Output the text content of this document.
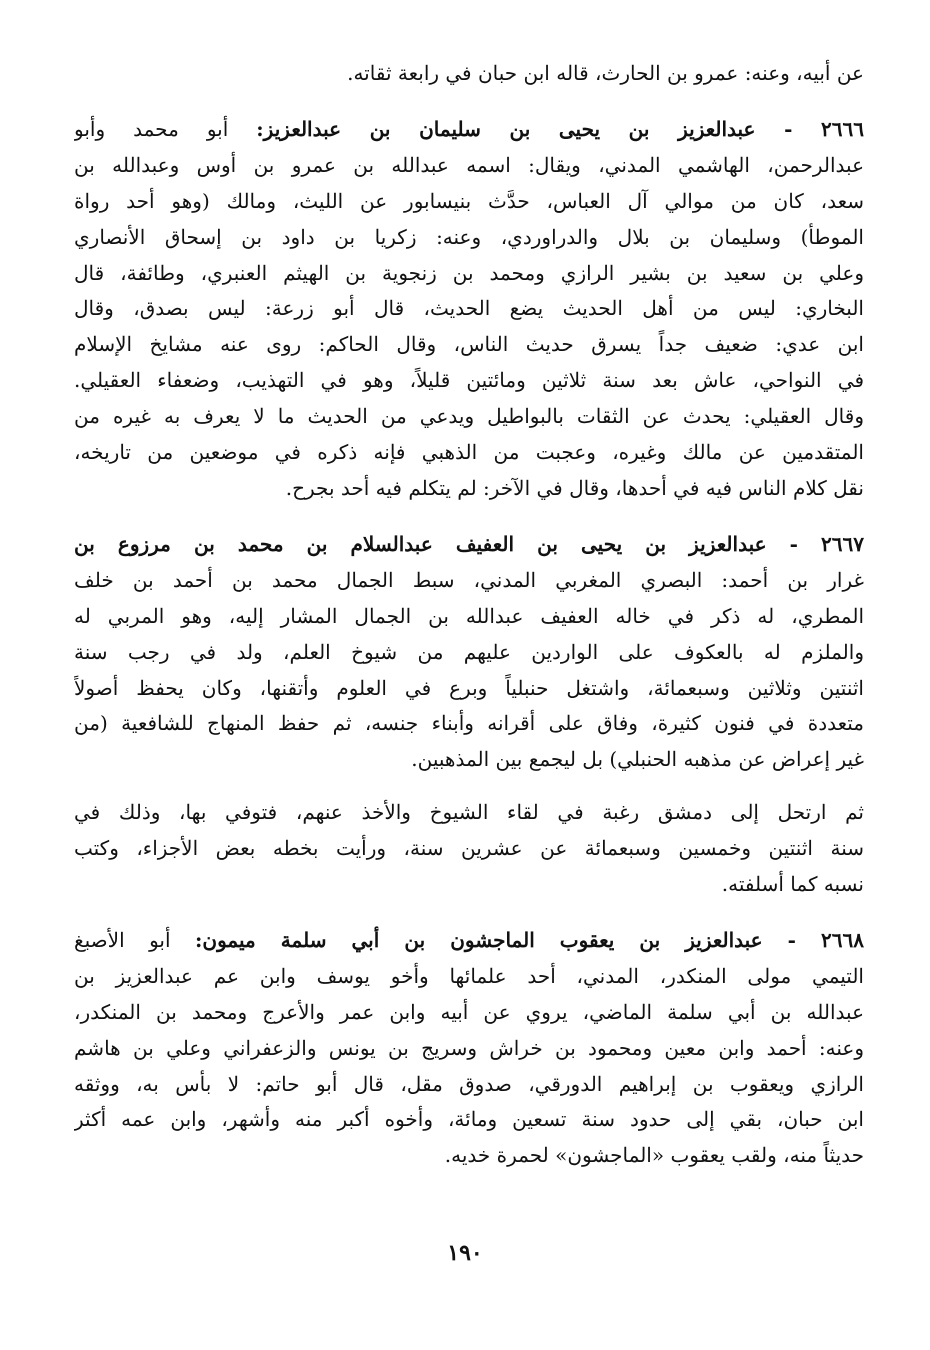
عن أبيه، وعنه: عمرو بن الحارث، قاله ابن حبان في رابعة ثقاته.
٢٦٦٦ - عبدالعزيز بن يحيى بن سليمان بن عبدالعزيز: أبو محمد وأبو
عبدالرحمن، الهاشمي المدني، ويقال: اسمه عبدالله بن عمرو بن أوس وعبدالله بن
سعد، كان من موالي آل العباس، حدَّث بنيسابور عن الليث، ومالك (وهو أحد رواة
الموطأ) وسليمان بن بلال والدراوردي، وعنه: زكريا بن داود بن إسحاق الأنصاري
وعلي بن سعيد بن بشير الرازي ومحمد بن زنجوية بن الهيثم العنبري، وطائفة، قال
البخاري: ليس من أهل الحديث يضع الحديث، قال أبو زرعة: ليس بصدق، وقال
ابن عدي: ضعيف جداً يسرق حديث الناس، وقال الحاكم: روى عنه مشايخ الإسلام
في النواحي، عاش بعد سنة ثلاثين ومائتين قليلاً، وهو في التهذيب، وضعفاء العقيلي.
وقال العقيلي: يحدث عن الثقات بالبواطيل ويدعي من الحديث ما لا يعرف به غيره من
المتقدمين عن مالك وغيره، وعجبت من الذهبي فإنه ذكره في موضعين من تاريخه،
نقل كلام الناس فيه في أحدها، وقال في الآخر: لم يتكلم فيه أحد بجرح.
٢٦٦٧ - عبدالعزيز بن يحيى بن العفيف عبدالسلام بن محمد بن مرزوع بن
غرار بن أحمد: البصري المغربي المدني، سبط الجمال محمد بن أحمد بن خلف
المطري، له ذكر في خاله العفيف عبدالله بن الجمال المشار إليه، وهو المربي له
والملزم له بالعكوف على الواردين عليهم من شيوخ العلم، ولد في رجب سنة
اثنتين وثلاثين وسبعمائة، واشتغل حنبلياً وبرع في العلوم وأتقنها، وكان يحفظ أصولاً
متعددة في فنون كثيرة، وفاق على أقرانه وأبناء جنسه، ثم حفظ المنهاج للشافعية (من
غير إعراض عن مذهبه الحنبلي) بل ليجمع بين المذهبين.
ثم ارتحل إلى دمشق رغبة في لقاء الشيوخ والأخذ عنهم، فتوفي بها، وذلك في
سنة اثنتين وخمسين وسبعمائة عن عشرين سنة، ورأيت بخطه بعض الأجزاء، وكتب
نسبه كما أسلفته.
٢٦٦٨ - عبدالعزيز بن يعقوب الماجشون بن أبي سلمة ميمون: أبو الأصبغ
التيمي مولى المنكدر، المدني، أحد علمائها وأخو يوسف وابن عم عبدالعزيز بن
عبدالله بن أبي سلمة الماضي، يروي عن أبيه وابن عمر والأعرج ومحمد بن المنكدر،
وعنه: أحمد وابن معين ومحمود بن خراش وسريج بن يونس والزعفراني وعلي بن هاشم
الرازي ويعقوب بن إبراهيم الدورقي، صدوق مقل، قال أبو حاتم: لا بأس به، ووثقه
ابن حبان، بقي إلى حدود سنة تسعين ومائة، وأخوه أكبر منه وأشهر، وابن عمه أكثر
حديثاً منه، ولقب يعقوب «الماجشون» لحمرة خديه.
١٩٠
